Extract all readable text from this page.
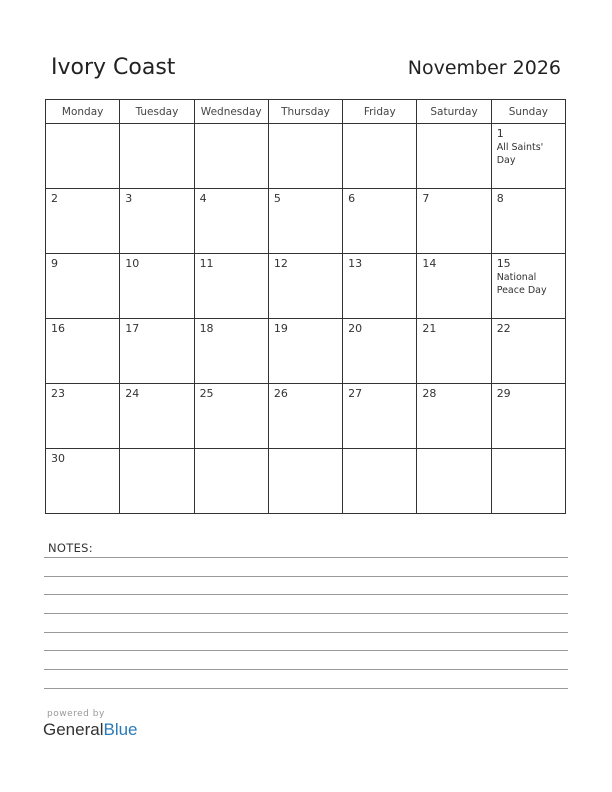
Ivory Coast	November 2026
Monday	Tuesday	Wednesday	Thursday	Friday	Saturday	Sunday

						1
All Saints' Day

2	3	4	5	6	7	8

9	10	11	12	13	14	15
National Peace Day

16	17	18	19	20	21	22

23	24	25	26	27	28	29

30						

NOTES:
powered by
GeneralBlue
